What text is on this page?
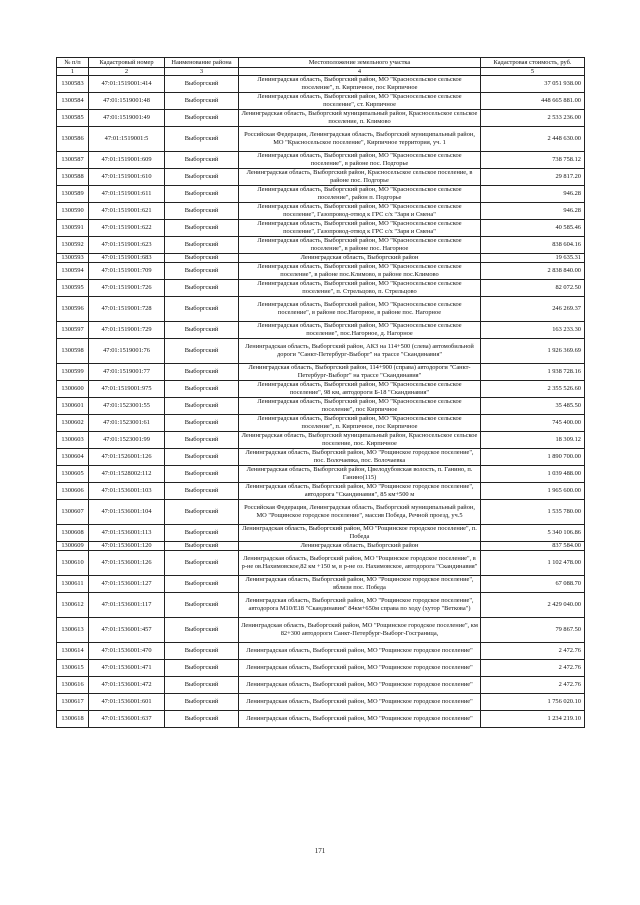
№ п/п	Кадастровый номер	Наименование района	Местоположение земельного участка	Кадастровая стоимость, руб.
1	2	3	4	5
1300583	47:01:1519001:414	Выборгский	Ленинградская область, Выборгский район, МО "Красносельское сельское поселение", п. Кирпичное, пос Кирпичное	37 051 938.00
1300584	47:01:1519001:48	Выборгский	Ленинградская область, Выборгский район, МО "Красносельское сельское поселение", ст. Кирпичное	448 665 881.00
1300585	47:01:1519001:49	Выборгский	Ленинградская область, Выборгский муниципальный район, Красносельское сельское поселение, п. Климово	2 533 236.00
1300586	47:01:1519001:5	Выборгский	Российская Федерация, Ленинградская область, Выборгский муниципальный район, МО "Красносельское поселение", Кирпичное территория, уч. 1	2 448 630.00
1300587	47:01:1519001:609	Выборгский	Ленинградская область, Выборгский район, МО "Красносельское сельское поселение", в районе пос. Подгорье	738 758.12
1300588	47:01:1519001:610	Выборгский	Ленинградская область, Выборгский район, Красносельское сельское поселение, в районе пос. Подгорье	29 817.20
1300589	47:01:1519001:611	Выборгский	Ленинградская область, Выборгский район, МО "Красносельское сельское поселение", район п. Подгорье	946.28
1300590	47:01:1519001:621	Выборгский	Ленинградская область, Выборгский район, МО "Красносельское сельское поселение", Газопровод-отвод к ГРС с/х "Заря и Смена"	946.28
1300591	47:01:1519001:622	Выборгский	Ленинградская область, Выборгский район, МО "Красносельское сельское поселение", Газопровод-отвод к ГРС с/х "Заря и Смена"	40 585.46
1300592	47:01:1519001:623	Выборгский	Ленинградская область, Выборгский район, МО "Красносельское сельское поселение", в районе пос. Нагорное	838 604.16
1300593	47:01:1519001:683	Выборгский	Ленинградская область, Выборгский район	19 635.31
1300594	47:01:1519001:709	Выборгский	Ленинградская область, Выборгский район, МО "Красносельское сельское поселение", в районе пос.Климово, в районе пос.Климово	2 838 840.00
1300595	47:01:1519001:726	Выборгский	Ленинградская область, Выборгский район, МО "Красносельское сельское поселение", п. Стрельцово, п. Стрельцово	82 072.50
1300596	47:01:1519001:728	Выборгский	Ленинградская область, Выборгский район, МО "Красносельское сельское поселение", в районе пос.Нагорное, в районе пос. Нагорное	246 269.37
1300597	47:01:1519001:729	Выборгский	Ленинградская область, Выборгский район, МО "Красносельское сельское поселение", пос.Нагорное, д. Нагорное	163 233.30
1300598	47:01:1519001:76	Выборгский	Ленинградская область, Выборгский район, АКЗ на 114+500 (слева) автомобильной дороги "Санкт-Петербург-Выборг" на трассе "Скандинавия"	1 926 369.69
1300599	47:01:1519001:77	Выборгский	Ленинградская область, Выборгский район, 114+900 (справа) автодороги "Санкт-Петербург-Выборг" на трассе "Скандинавия"	1 938 728.16
1300600	47:01:1519001:975	Выборгский	Ленинградская область, Выборгский район, МО "Красносельское сельское поселение", 98 км, автодороги Б-18 "Скандинавия"	2 355 526.60
1300601	47:01:1523001:55	Выборгский	Ленинградская область, Выборгский район, МО "Красносельское сельское поселение", пос Кирпичное	35 485.50
1300602	47:01:1523001:61	Выборгский	Ленинградская область, Выборгский район, МО "Красносельское сельское поселение", п. Кирпичное, пос Кирпичное	745 400.00
1300603	47:01:1523001:99	Выборгский	Ленинградская область, Выборгский муниципальный район, Красносельское сельское поселение, пос. Кирпичное	18 309.12
1300604	47:01:1526001:126	Выборгский	Ленинградская область, Выборгский район, МО "Рощинское городское поселение", пос. Волочаевка, пос. Волочаевка	1 890 700.00
1300605	47:01:1528002:112	Выборгский	Ленинградская область, Выборгский район, Цвелодубовская волость, п. Ганино, п. Ганино(115)	1 039 488.00
1300606	47:01:1536001:103	Выборгский	Ленинградская область, Выборгский район, МО "Рощинское городское поселение", автодорога "Скандинавия", 85 км+500 м	1 965 600.00
1300607	47:01:1536001:104	Выборгский	Российская Федерация, Ленинградская область, Выборгский муниципальный район, МО "Рощинское городское поселение", массив Победа, Речной проезд, уч.5	1 535 780.00
1300608	47:01:1536001:113	Выборгский	Ленинградская область, Выборгский район, МО "Рощинское городское поселение", п. Победа	5 340 106.86
1300609	47:01:1536001:120	Выборгский	Ленинградская область, Выборгский район	837 584.00
1300610	47:01:1536001:126	Выборгский	Ленинградская область, Выборгский район, МО "Рощинское городское поселение", в р-не ов.Нахимовское,82 км +150 м, в р-не оз. Нахимовское, автодорога "Скандинавия"	1 102 478.00
1300611	47:01:1536001:127	Выборгский	Ленинградская область, Выборгский район, МО "Рощинское городское поселение", вблизи пос. Победа	67 088.70
1300612	47:01:1536001:117	Выборгский	Ленинградская область, Выборгский район, МО "Рощинское городское поселение", автодорога М10/Е18 "Скандинавия" 84км+650м справа по ходу (хутор "Веткова")	2 429 040.00
1300613	47:01:1536001:457	Выборгский	Ленинградская область, Выборгский район, МО "Рощинское городское поселение", км 82+300 автодороги Санкт-Петербург-Выборг-Госграница,	79 867.50
1300614	47:01:1536001:470	Выборгский	Ленинградская область, Выборгский район, МО "Рощинское городское поселение"	2 472.76
1300615	47:01:1536001:471	Выборгский	Ленинградская область, Выборгский район, МО "Рощинское городское поселение"	2 472.76
1300616	47:01:1536001:472	Выборгский	Ленинградская область, Выборгский район, МО "Рощинское городское поселение"	2 472.76
1300617	47:01:1536001:601	Выборгский	Ленинградская область, Выборгский район, МО "Рощинское городское поселение"	1 756 020.10
1300618	47:01:1536001:637	Выборгский	Ленинградская область, Выборгский район, МО "Рощинское городское поселение"	1 234 219.10
171
